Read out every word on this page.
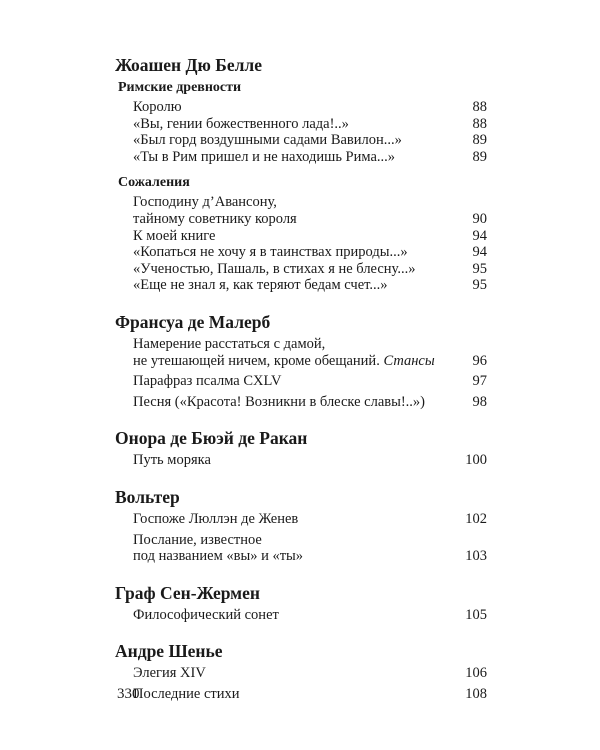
Жоашен Дю Белле
Римские древности
Королю	88
«Вы, гении божественного лада!..»	88
«Был горд воздушными садами Вавилон...»	89
«Ты в Рим пришел и не находишь Рима...»	89
Сожаления
Господину д’Авансону,
тайному советнику короля	90
К моей книге	94
«Копаться не хочу я в таинствах природы...»	94
«Ученостью, Пашаль, в стихах я не блесну...»	95
«Еще не знал я, как теряют бедам счет...»	95
Франсуа де Малерб
Намерение расстаться с дамой,
не утешающей ничем, кроме обещаний. Стансы	96
Парафраз псалма CXLV	97
Песня («Красота! Возникни в блеске славы!..»)	98
Онора де Бюэй де Ракан
Путь моряка	100
Вольтер
Госпоже Люллэн де Женев	102
Послание, известное
под названием «вы» и «ты»	103
Граф Сен-Жермен
Философический сонет	105
Андре Шенье
Элегия XIV	106
Последние стихи	108
330
